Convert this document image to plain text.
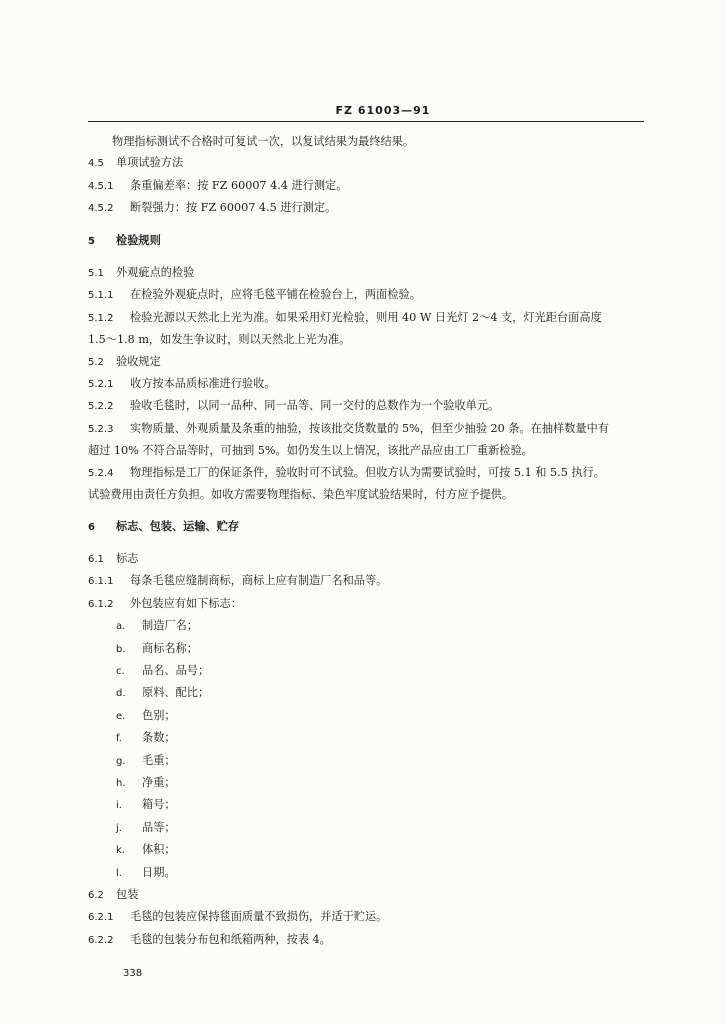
FZ 61003—91
物理指标测试不合格时可复试一次，以复试结果为最终结果。
4.5 单项试验方法
4.5.1 条重偏差率：按 FZ 60007 4.4 进行测定。
4.5.2 断裂强力：按 FZ 60007 4.5 进行测定。
5 检验规则
5.1 外观疵点的检验
5.1.1 在检验外观疵点时，应将毛毯平铺在检验台上，两面检验。
5.1.2 检验光源以天然北上光为准。如果采用灯光检验，则用 40 W 日光灯 2～4 支，灯光距台面高度
1.5～1.8 m，如发生争议时，则以天然北上光为准。
5.2 验收规定
5.2.1 收方按本品质标准进行验收。
5.2.2 验收毛毯时，以同一品种、同一品等、同一交付的总数作为一个验收单元。
5.2.3 实物质量、外观质量及条重的抽验，按该批交货数量的 5%，但至少抽验 20 条。在抽样数量中有
超过 10% 不符合品等时，可抽到 5%。如仍发生以上情况，该批产品应由工厂重新检验。
5.2.4 物理指标是工厂的保证条件，验收时可不试验。但收方认为需要试验时，可按 5.1 和 5.5 执行。
试验费用由责任方负担。如收方需要物理指标、染色牢度试验结果时，付方应予提供。
6 标志、包装、运输、贮存
6.1 标志
6.1.1 每条毛毯应缝制商标，商标上应有制造厂名和品等。
6.1.2 外包装应有如下标志：
a. 制造厂名；
b. 商标名称；
c. 品名、品号；
d. 原料、配比；
e. 色别；
f. 条数；
g. 毛重；
h. 净重；
i. 箱号；
j. 品等；
k. 体积；
l. 日期。
6.2 包装
6.2.1 毛毯的包装应保持毯面质量不致损伤，并适于贮运。
6.2.2 毛毯的包装分布包和纸箱两种，按表 4。
338
